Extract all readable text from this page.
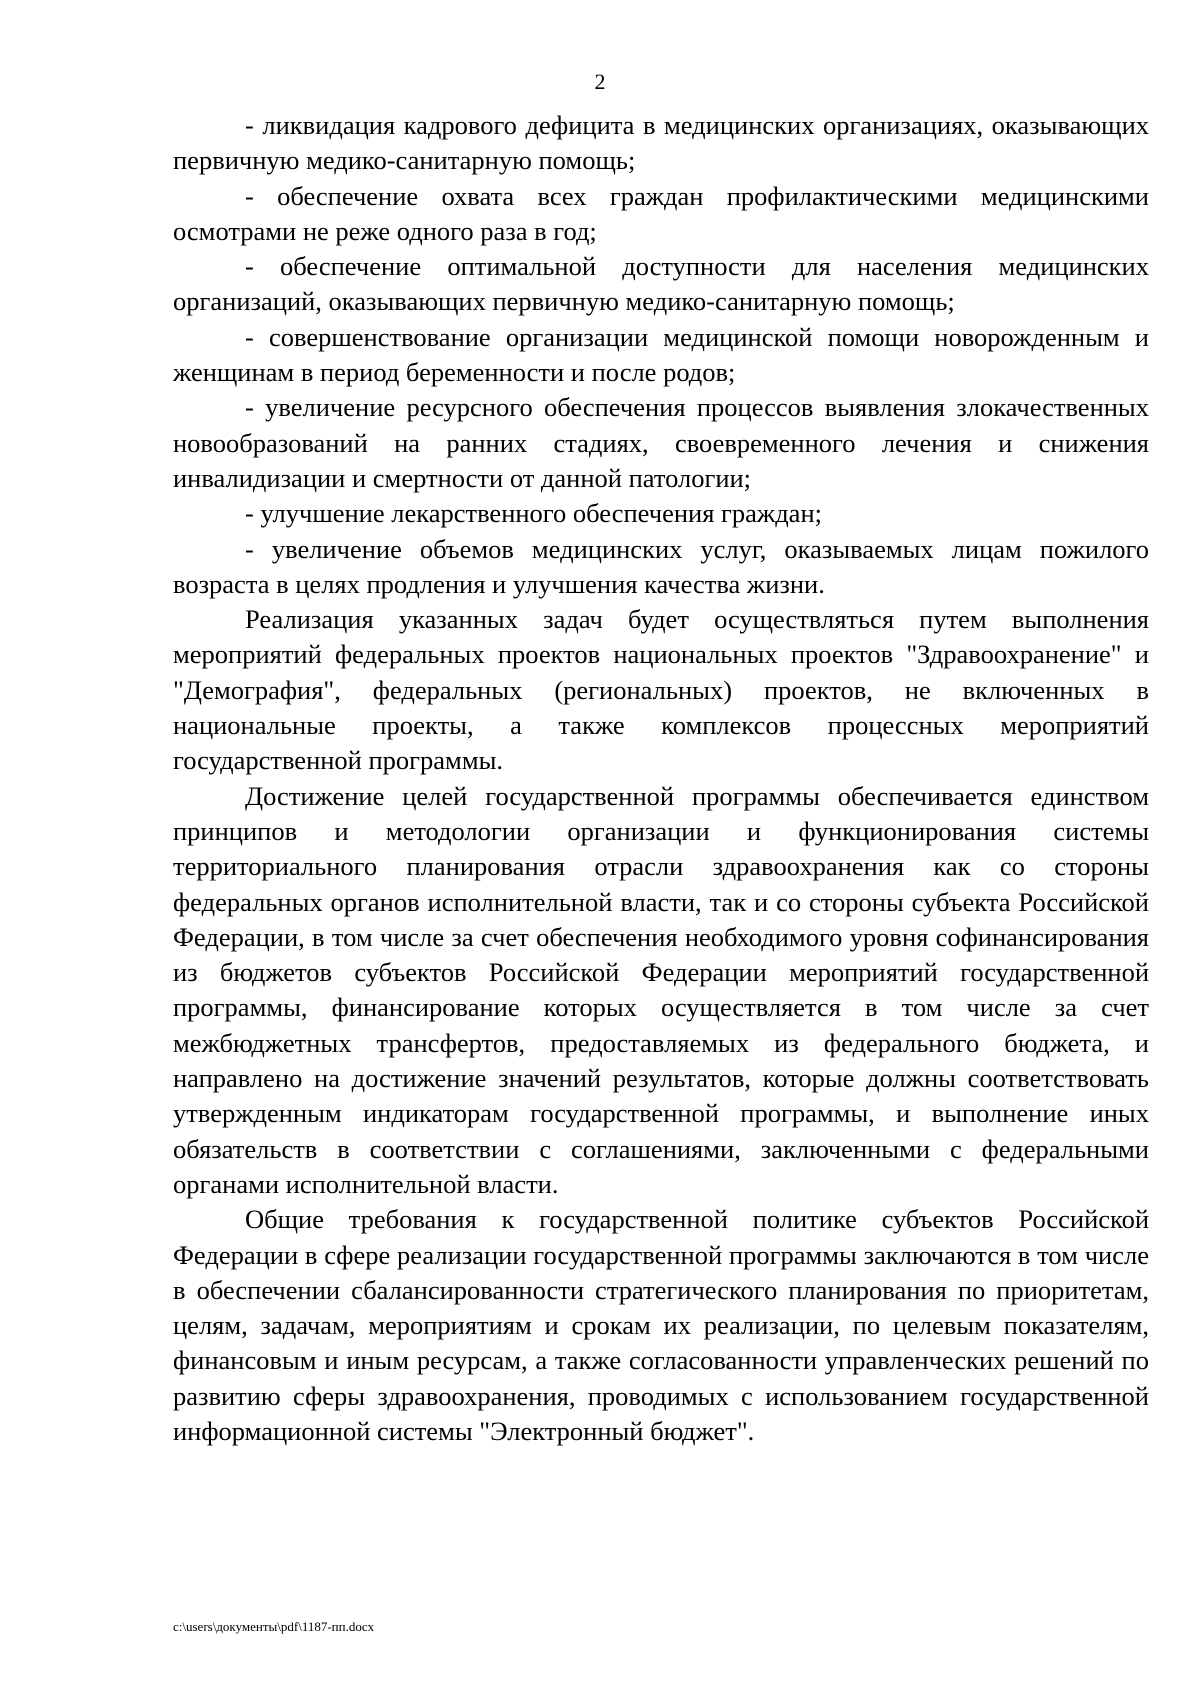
2

- ликвидация кадрового дефицита в медицинских организациях, оказывающих первичную медико-санитарную помощь;

- обеспечение охвата всех граждан профилактическими медицинскими осмотрами не реже одного раза в год;

- обеспечение оптимальной доступности для населения медицинских организаций, оказывающих первичную медико-санитарную помощь;

- совершенствование организации медицинской помощи новорожденным и женщинам в период беременности и после родов;

- увеличение ресурсного обеспечения процессов выявления злокачественных новообразований на ранних стадиях, своевременного лечения и снижения инвалидизации и смертности от данной патологии;

- улучшение лекарственного обеспечения граждан;

- увеличение объемов медицинских услуг, оказываемых лицам пожилого возраста в целях продления и улучшения качества жизни.

Реализация указанных задач будет осуществляться путем выполнения мероприятий федеральных проектов национальных проектов "Здравоохранение" и "Демография", федеральных (региональных) проектов, не включенных в национальные проекты, а также комплексов процессных мероприятий государственной программы.

Достижение целей государственной программы обеспечивается единством принципов и методологии организации и функционирования системы территориального планирования отрасли здравоохранения как со стороны федеральных органов исполнительной власти, так и со стороны субъекта Российской Федерации, в том числе за счет обеспечения необходимого уровня софинансирования из бюджетов субъектов Российской Федерации мероприятий государственной программы, финансирование которых осуществляется в том числе за счет межбюджетных трансфертов, предоставляемых из федерального бюджета, и направлено на достижение значений результатов, которые должны соответствовать утвержденным индикаторам государственной программы, и выполнение иных обязательств в соответствии с соглашениями, заключенными с федеральными органами исполнительной власти.

Общие требования к государственной политике субъектов Российской Федерации в сфере реализации государственной программы заключаются в том числе в обеспечении сбалансированности стратегического планирования по приоритетам, целям, задачам, мероприятиям и срокам их реализации, по целевым показателям, финансовым и иным ресурсам, а также согласованности управленческих решений по развитию сферы здравоохранения, проводимых с использованием государственной информационной системы "Электронный бюджет".

c:\users\документы\pdf\1187-пп.docx
